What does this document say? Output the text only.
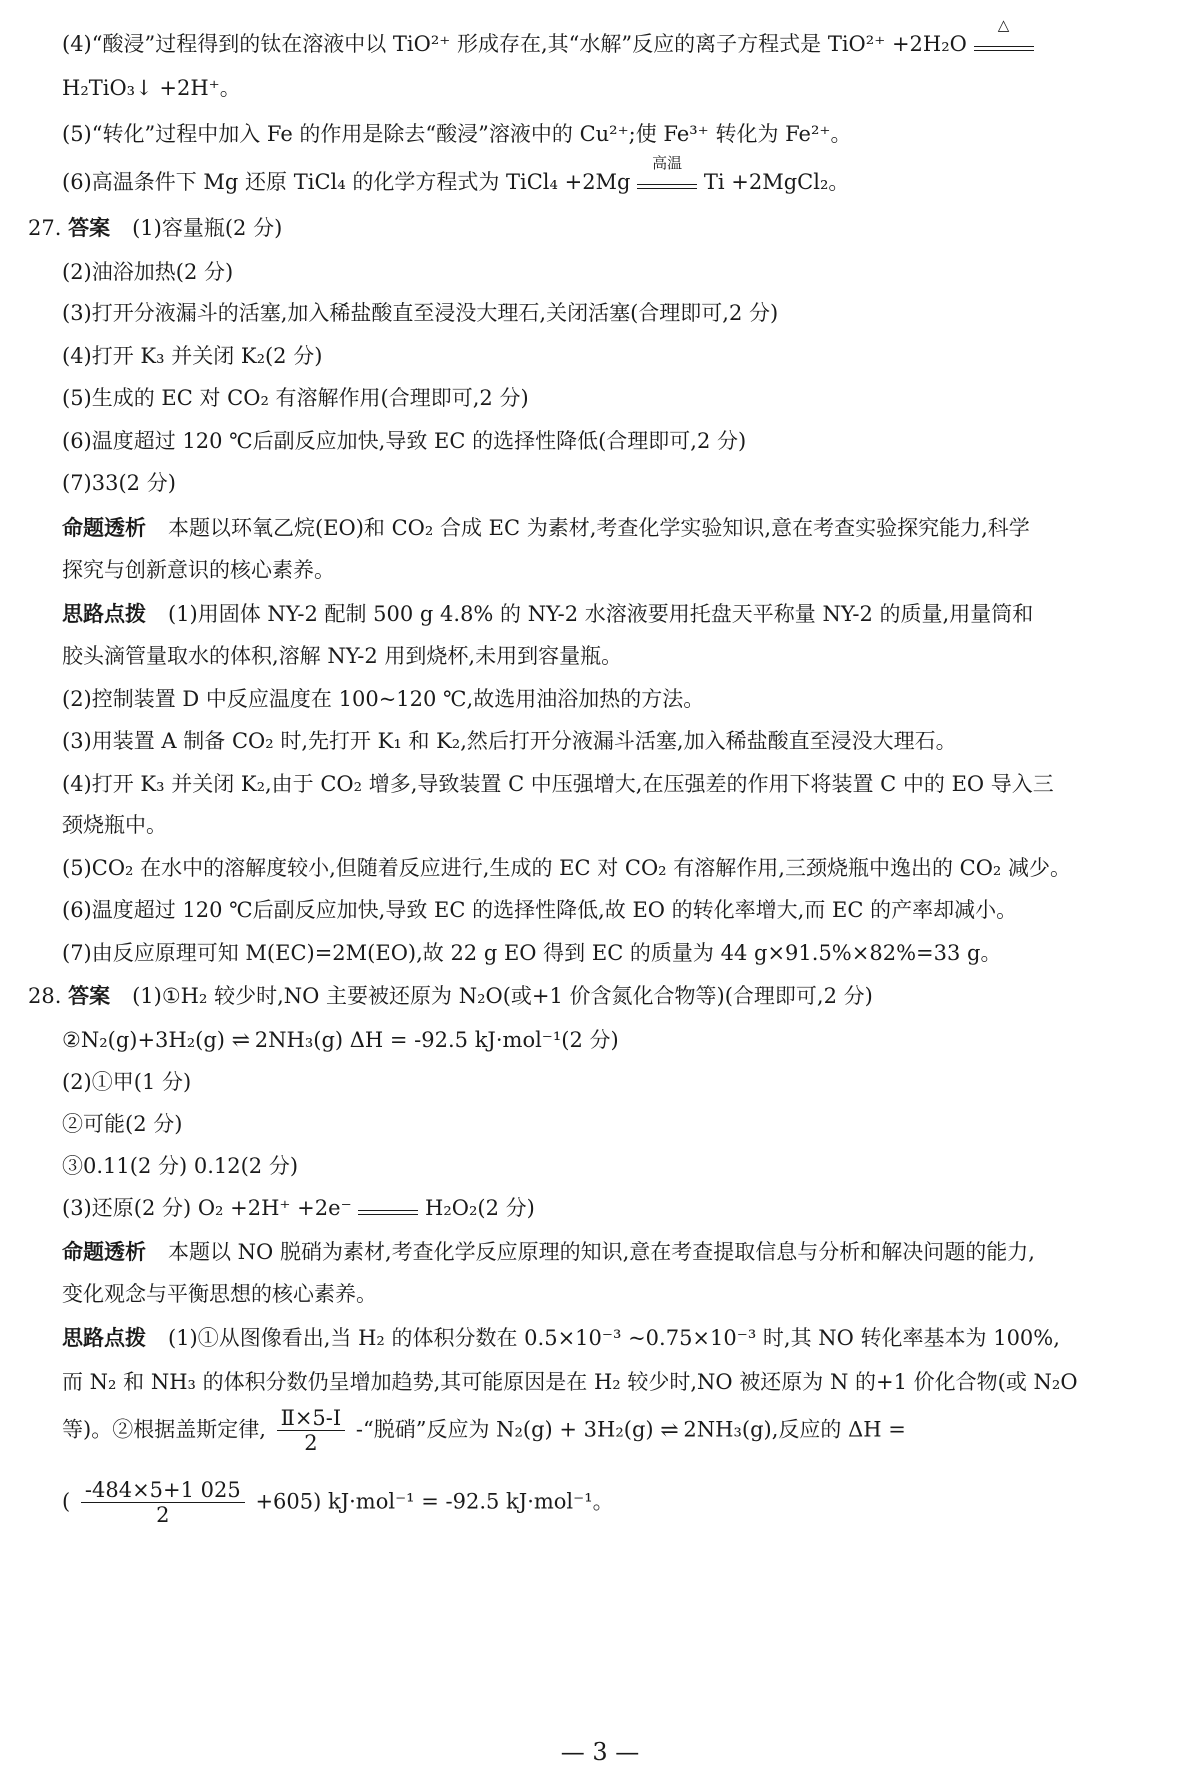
(4)“酸浸”过程得到的钛在溶液中以 TiO²⁺ 形成存在,其“水解”反应的离子方程式是 TiO²⁺ +2H₂O
△
H₂TiO₃↓ +2H⁺。
(5)“转化”过程中加入 Fe 的作用是除去“酸浸”溶液中的 Cu²⁺;使 Fe³⁺ 转化为 Fe²⁺。
(6)高温条件下 Mg 还原 TiCl₄ 的化学方程式为 TiCl₄ +2Mg
高温
Ti +2MgCl₂。
27. 答案 (1)容量瓶(2 分)
(2)油浴加热(2 分)
(3)打开分液漏斗的活塞,加入稀盐酸直至浸没大理石,关闭活塞(合理即可,2 分)
(4)打开 K₃ 并关闭 K₂(2 分)
(5)生成的 EC 对 CO₂ 有溶解作用(合理即可,2 分)
(6)温度超过 120 ℃后副反应加快,导致 EC 的选择性降低(合理即可,2 分)
(7)33(2 分)
命题透析 本题以环氧乙烷(EO)和 CO₂ 合成 EC 为素材,考查化学实验知识,意在考查实验探究能力,科学
探究与创新意识的核心素养。
思路点拨 (1)用固体 NY-2 配制 500 g 4.8% 的 NY-2 水溶液要用托盘天平称量 NY-2 的质量,用量筒和
胶头滴管量取水的体积,溶解 NY-2 用到烧杯,未用到容量瓶。
(2)控制装置 D 中反应温度在 100~120 ℃,故选用油浴加热的方法。
(3)用装置 A 制备 CO₂ 时,先打开 K₁ 和 K₂,然后打开分液漏斗活塞,加入稀盐酸直至浸没大理石。
(4)打开 K₃ 并关闭 K₂,由于 CO₂ 增多,导致装置 C 中压强增大,在压强差的作用下将装置 C 中的 EO 导入三
颈烧瓶中。
(5)CO₂ 在水中的溶解度较小,但随着反应进行,生成的 EC 对 CO₂ 有溶解作用,三颈烧瓶中逸出的 CO₂ 减少。
(6)温度超过 120 ℃后副反应加快,导致 EC 的选择性降低,故 EO 的转化率增大,而 EC 的产率却减小。
(7)由反应原理可知 M(EC)=2M(EO),故 22 g EO 得到 EC 的质量为 44 g×91.5%×82%=33 g。
28. 答案 (1)①H₂ 较少时,NO 主要被还原为 N₂O(或+1 价含氮化合物等)(合理即可,2 分)
②N₂(g)+3H₂(g) ⇌ 2NH₃(g) ΔH = -92.5 kJ·mol⁻¹(2 分)
(2)①甲(1 分)
②可能(2 分)
③0.11(2 分) 0.12(2 分)
(3)还原(2 分) O₂ +2H⁺ +2e⁻	H₂O₂(2 分)
命题透析 本题以 NO 脱硝为素材,考查化学反应原理的知识,意在考查提取信息与分析和解决问题的能力,
变化观念与平衡思想的核心素养。
思路点拨 (1)①从图像看出,当 H₂ 的体积分数在 0.5×10⁻³ ~0.75×10⁻³ 时,其 NO 转化率基本为 100%,
而 N₂ 和 NH₃ 的体积分数仍呈增加趋势,其可能原因是在 H₂ 较少时,NO 被还原为 N 的+1 价化合物(或 N₂O
等)。②根据盖斯定律, $\frac{\text{Ⅱ×5-Ⅰ}}{2}$ -“脱硝”反应为 N₂(g) + 3H₂(g) ⇌ 2NH₃(g),反应的 ΔH =
( $\frac{-484\times 5+1 025}{2} +605$) kJ·mol⁻¹ = -92.5 kJ·mol⁻¹。
— 3 —
